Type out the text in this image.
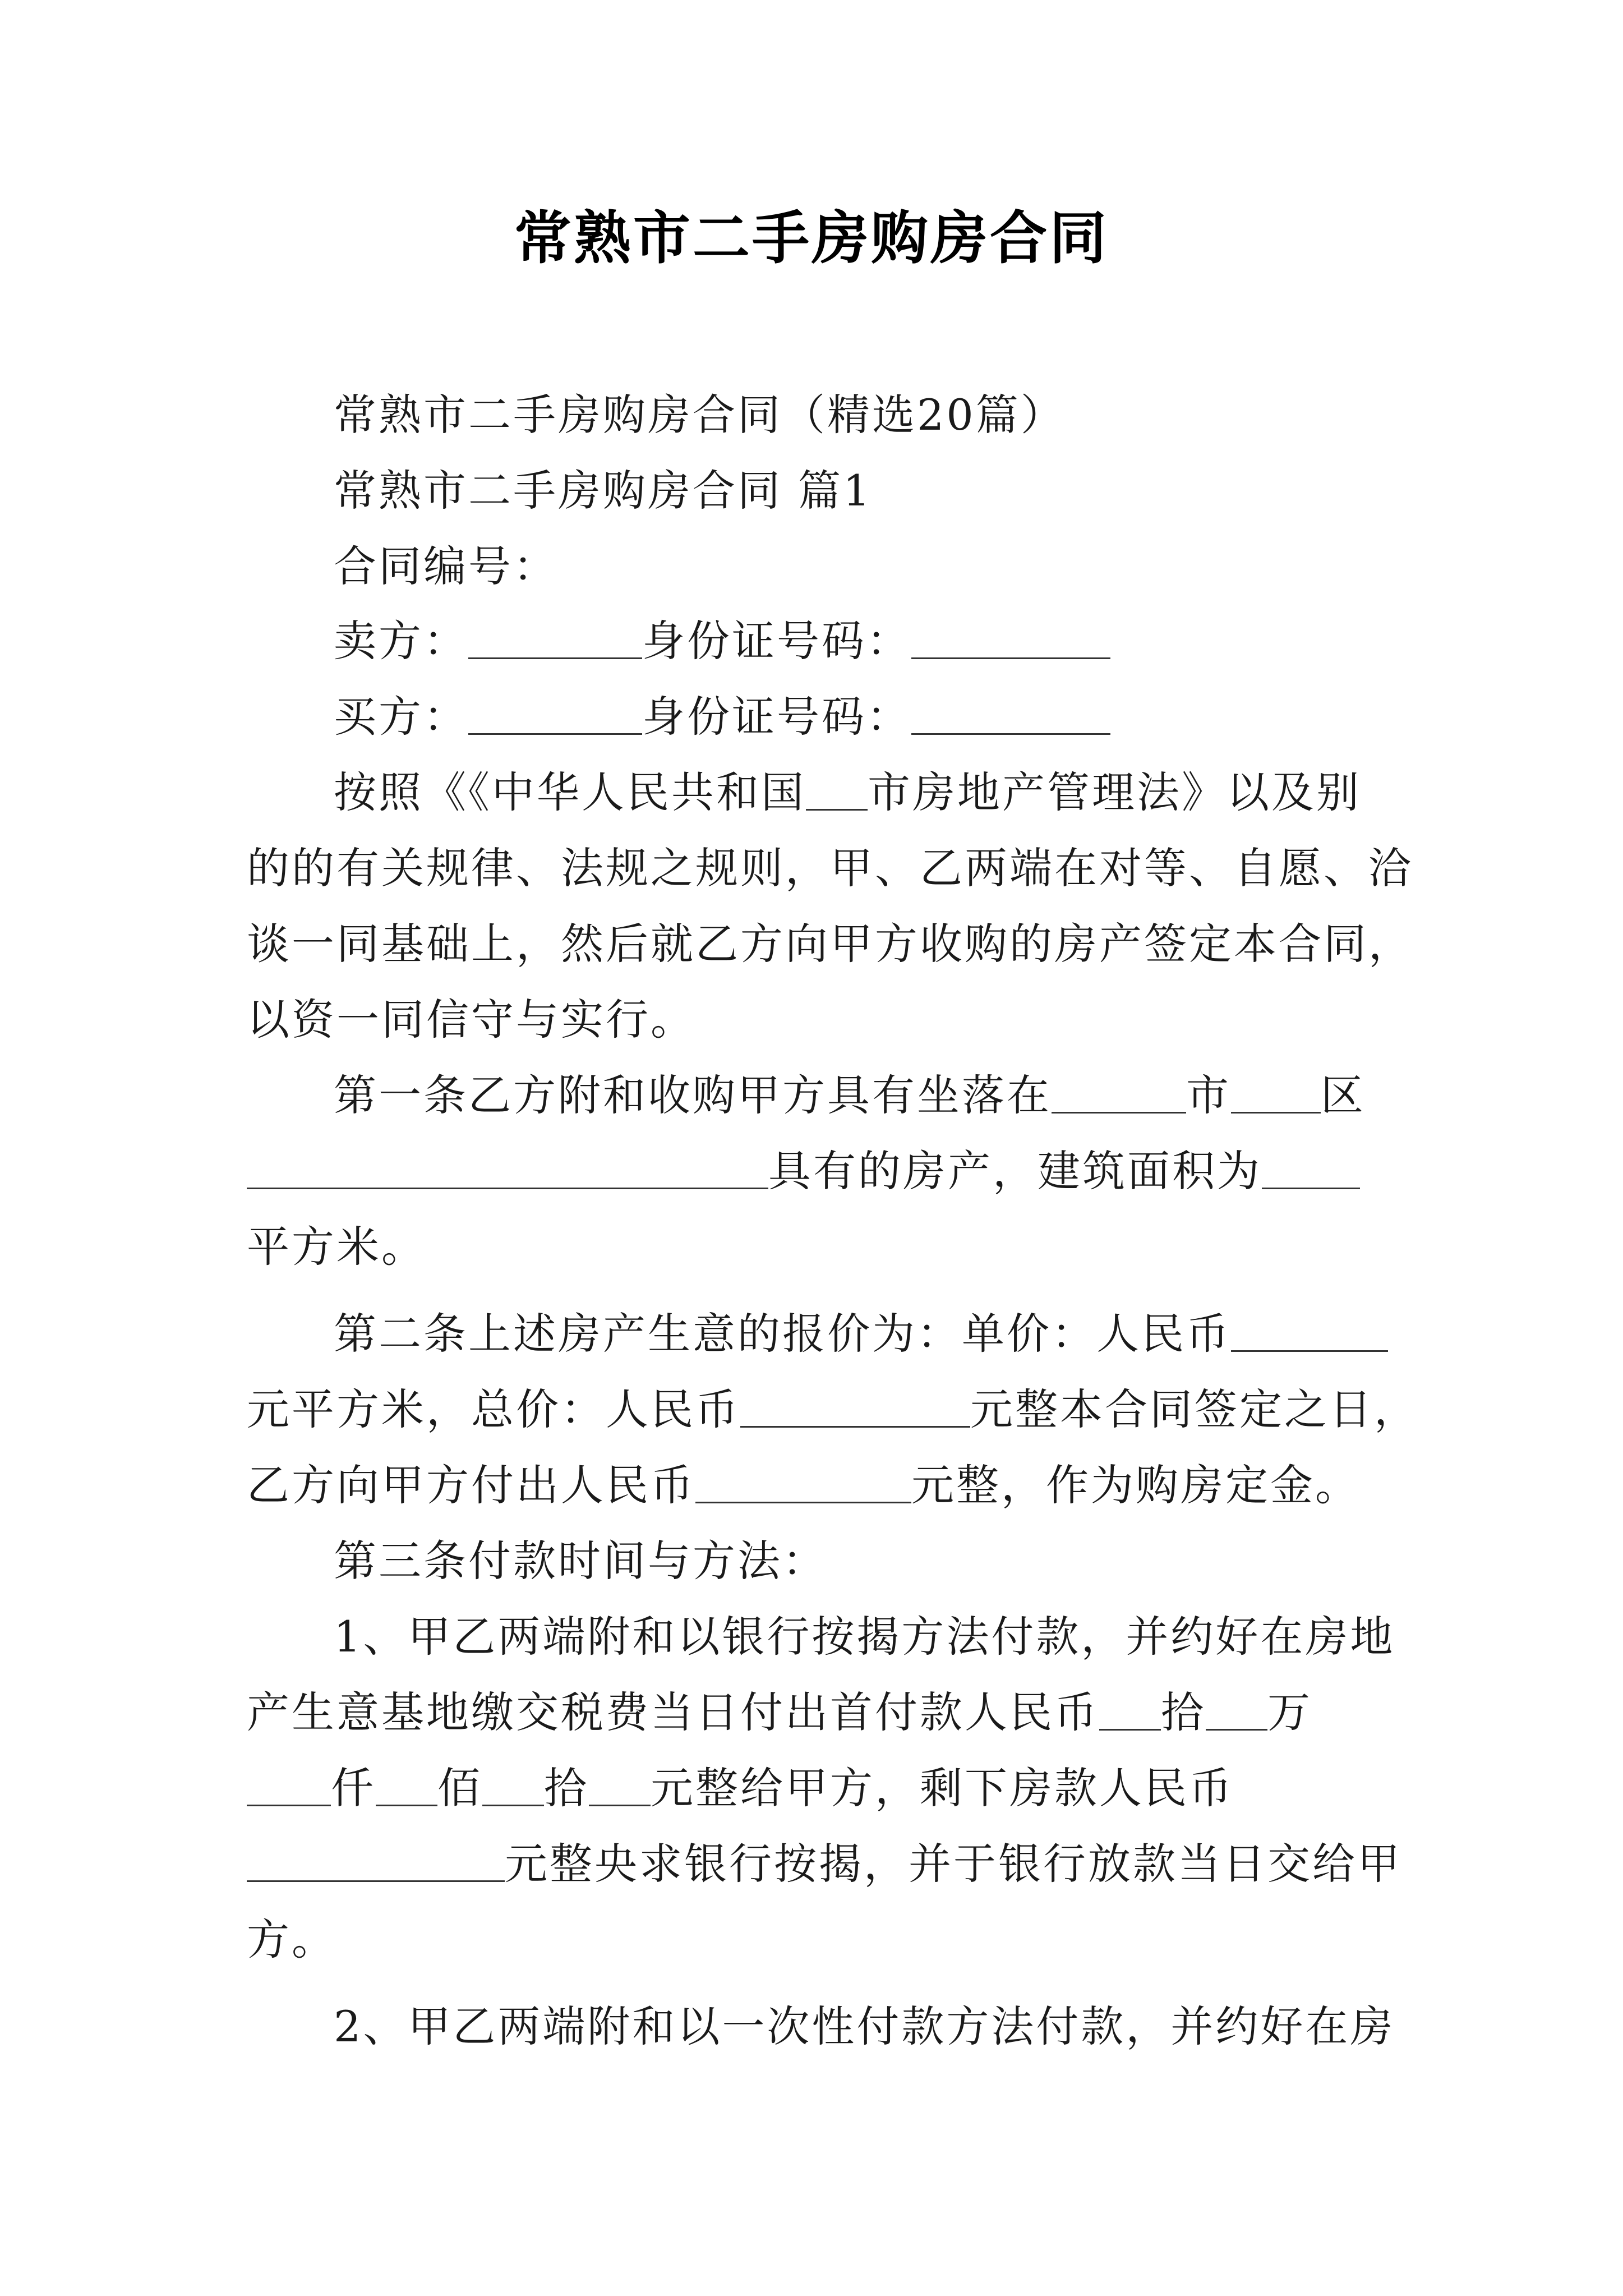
常熟市二手房购房合同
常熟市二手房购房合同（精选20篇）
常熟市二手房购房合同 篇1
合同编号：
卖方：	身份证号码：
买方：	身份证号码：
按照《《中华人民共和国 市房地产管理法》以及别
的的有关规律、法规之规则，甲、乙两端在对等、自愿、洽
谈一同基础上，然后就乙方向甲方收购的房产签定本合同，
以资一同信守与实行。
第一条乙方附和收购甲方具有坐落在	市 区
具有的房产，建筑面积为
平方米。
第二条上述房产生意的报价为：单价：人民币
元平方米，总价：人民币	元整本合同签定之日，
乙方向甲方付出人民币	元整，作为购房定金。
第三条付款时间与方法：
1、甲乙两端附和以银行按揭方法付款，并约好在房地
产生意基地缴交税费当日付出首付款人民币 拾 万
仟 佰 拾 元整给甲方，剩下房款人民币
元整央求银行按揭，并于银行放款当日交给甲
方。
2、甲乙两端附和以一次性付款方法付款，并约好在房
